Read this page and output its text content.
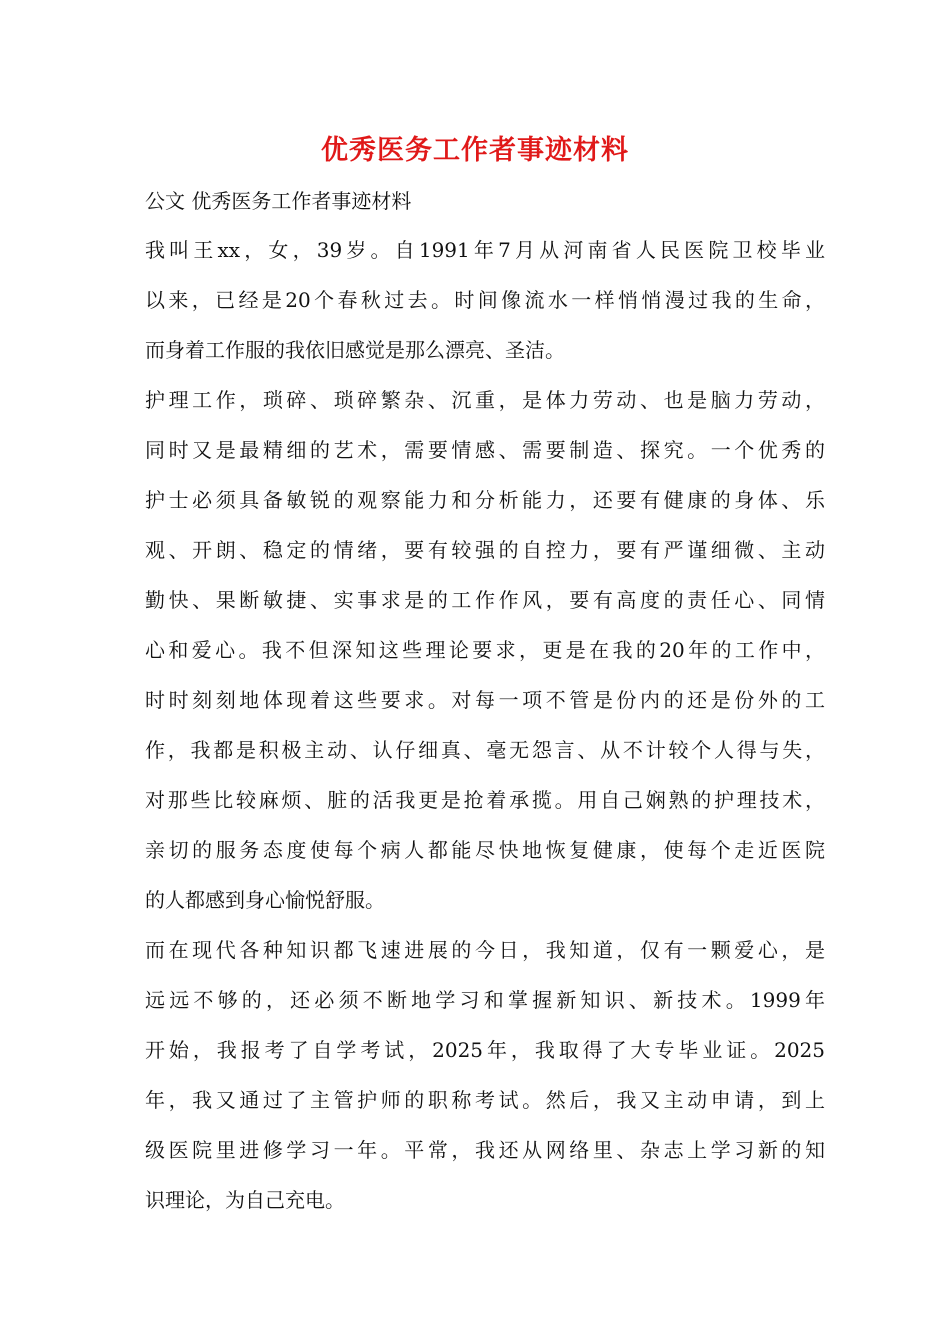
优秀医务工作者事迹材料

公文 优秀医务工作者事迹材料

我叫王xx，女，39岁。自1991年7月从河南省人民医院卫校毕业
以来，已经是20个春秋过去。时间像流水一样悄悄漫过我的生命，
而身着工作服的我依旧感觉是那么漂亮、圣洁。
护理工作，琐碎、琐碎繁杂、沉重，是体力劳动、也是脑力劳动，
同时又是最精细的艺术，需要情感、需要制造、探究。一个优秀的
护士必须具备敏锐的观察能力和分析能力，还要有健康的身体、乐
观、开朗、稳定的情绪，要有较强的自控力，要有严谨细微、主动
勤快、果断敏捷、实事求是的工作作风，要有高度的责任心、同情
心和爱心。我不但深知这些理论要求，更是在我的20年的工作中，
时时刻刻地体现着这些要求。对每一项不管是份内的还是份外的工
作，我都是积极主动、认仔细真、毫无怨言、从不计较个人得与失，
对那些比较麻烦、脏的活我更是抢着承揽。用自己娴熟的护理技术，
亲切的服务态度使每个病人都能尽快地恢复健康，使每个走近医院
的人都感到身心愉悦舒服。
而在现代各种知识都飞速进展的今日，我知道，仅有一颗爱心，是
远远不够的，还必须不断地学习和掌握新知识、新技术。1999年
开始，我报考了自学考试，2025年，我取得了大专毕业证。2025
年，我又通过了主管护师的职称考试。然后，我又主动申请，到上
级医院里进修学习一年。平常，我还从网络里、杂志上学习新的知
识理论，为自己充电。
